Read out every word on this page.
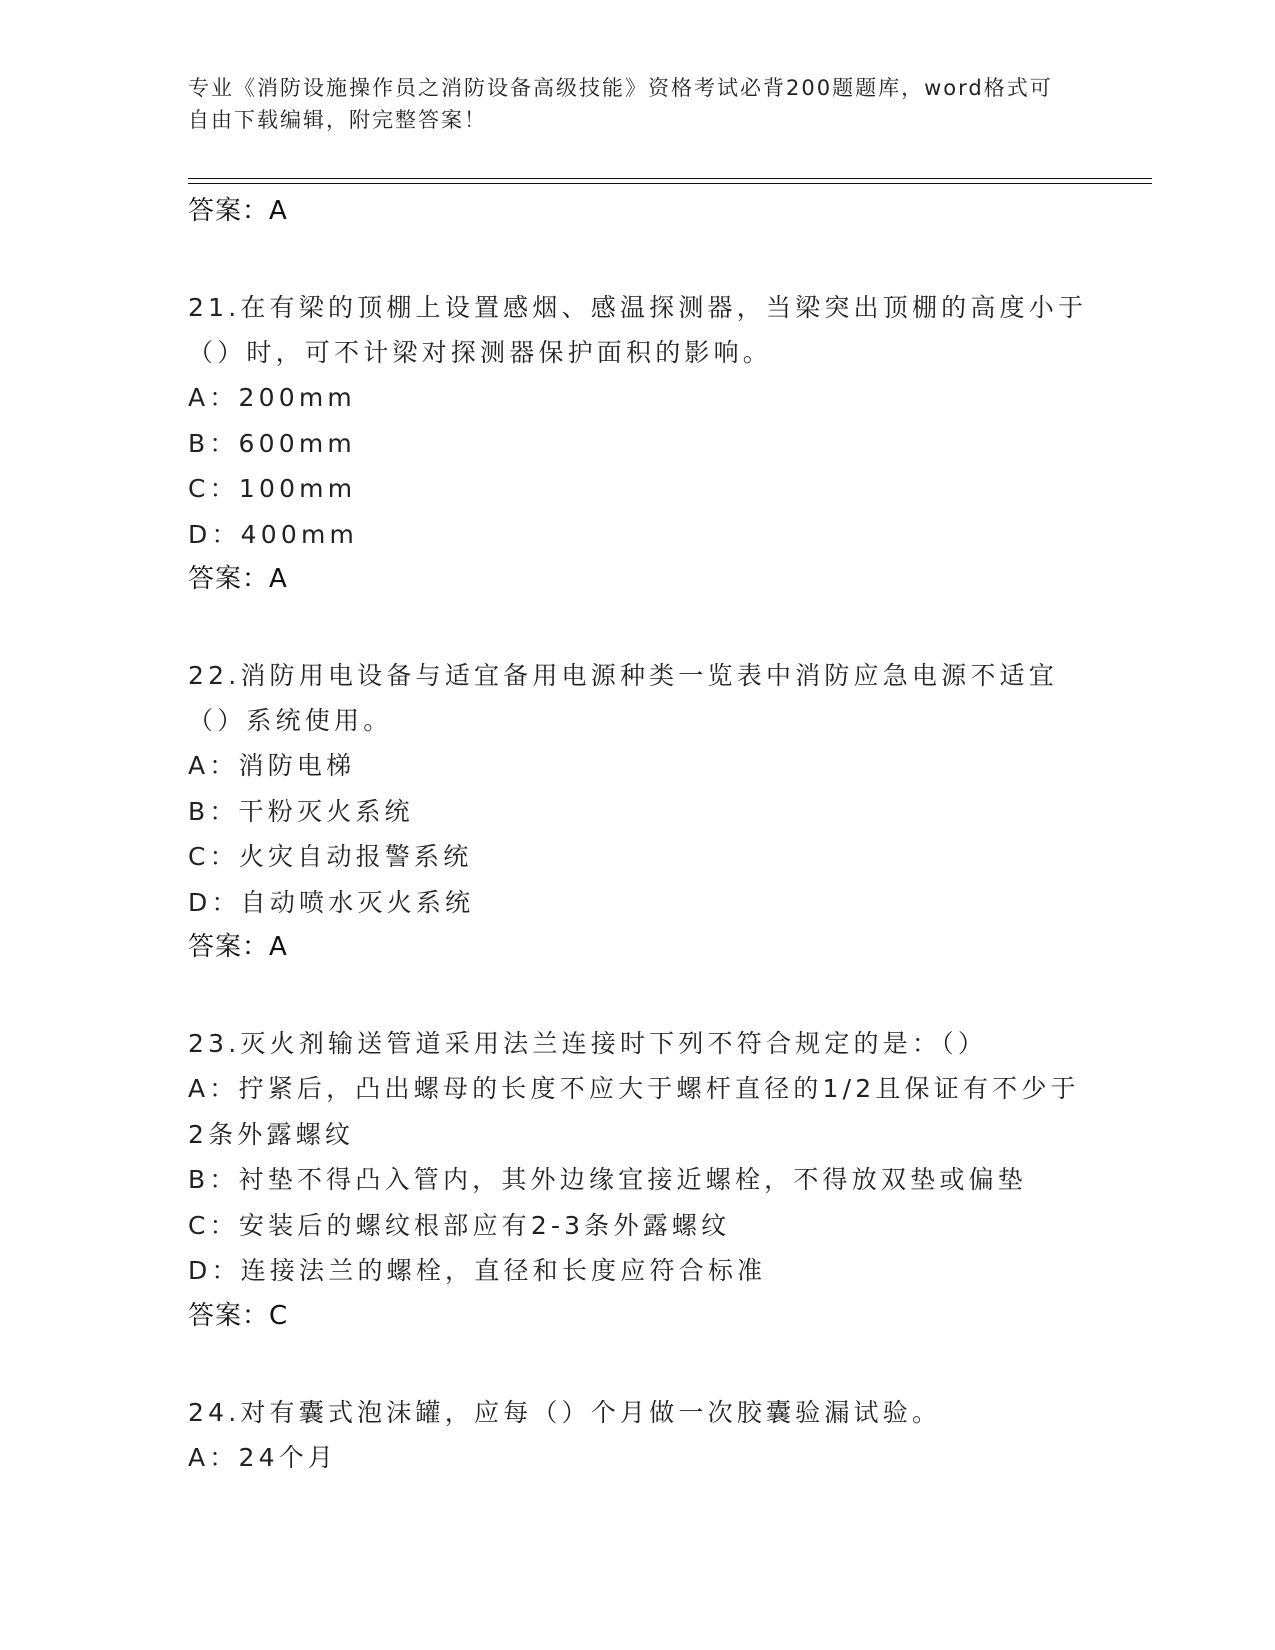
专业《消防设施操作员之消防设备高级技能》资格考试必背200题题库，word格式可自由下载编辑，附完整答案！
答案：A
21.在有梁的顶棚上设置感烟、感温探测器，当梁突出顶棚的高度小于（）时，可不计梁对探测器保护面积的影响。
A：200mm
B：600mm
C：100mm
D：400mm
答案：A
22.消防用电设备与适宜备用电源种类一览表中消防应急电源不适宜（）系统使用。
A：消防电梯
B：干粉灭火系统
C：火灾自动报警系统
D：自动喷水灭火系统
答案：A
23.灭火剂输送管道采用法兰连接时下列不符合规定的是：（）
A：拧紧后，凸出螺母的长度不应大于螺杆直径的1/2且保证有不少于2条外露螺纹
B：衬垫不得凸入管内，其外边缘宜接近螺栓，不得放双垫或偏垫
C：安装后的螺纹根部应有2-3条外露螺纹
D：连接法兰的螺栓，直径和长度应符合标准
答案：C
24.对有囊式泡沫罐，应每（）个月做一次胶囊验漏试验。
A：24个月
